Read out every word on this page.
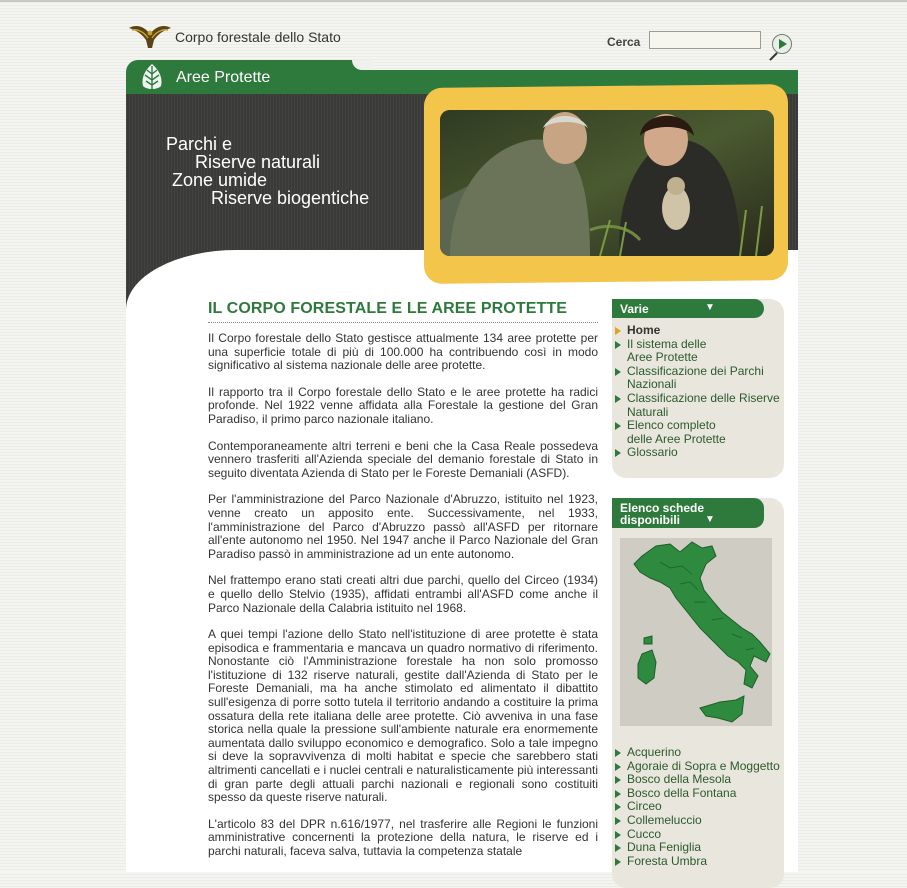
Corpo forestale dello Stato	Cerca
Aree Protette
Parchi e
Riserve naturali
Zone umide
Riserve biogentiche
IL CORPO FORESTALE E LE AREE PROTETTE

Il Corpo forestale dello Stato gestisce attualmente 134 aree protette per una superficie totale di più di 100.000 ha contribuendo così in modo significativo al sistema nazionale delle aree protette.

Il rapporto tra il Corpo forestale dello Stato e le aree protette ha radici profonde. Nel 1922 venne affidata alla Forestale la gestione del Gran Paradiso, il primo parco nazionale italiano.

Contemporaneamente altri terreni e beni che la Casa Reale possedeva vennero trasferiti all'Azienda speciale del demanio forestale di Stato in seguito diventata Azienda di Stato per le Foreste Demaniali (ASFD).

Per l'amministrazione del Parco Nazionale d'Abruzzo, istituito nel 1923, venne creato un apposito ente. Successivamente, nel 1933, l'amministrazione del Parco d'Abruzzo passò all'ASFD per ritornare all'ente autonomo nel 1950. Nel 1947 anche il Parco Nazionale del Gran Paradiso passò in amministrazione ad un ente autonomo.

Nel frattempo erano stati creati altri due parchi, quello del Circeo (1934) e quello dello Stelvio (1935), affidati entrambi all'ASFD come anche il Parco Nazionale della Calabria istituito nel 1968.

A quei tempi l'azione dello Stato nell'istituzione di aree protette è stata episodica e frammentaria e mancava un quadro normativo di riferimento. Nonostante ciò l'Amministrazione forestale ha non solo promosso l'istituzione di 132 riserve naturali, gestite dall'Azienda di Stato per le Foreste Demaniali, ma ha anche stimolato ed alimentato il dibattito sull'esigenza di porre sotto tutela il territorio andando a costituire la prima ossatura della rete italiana delle aree protette. Ciò avveniva in una fase storica nella quale la pressione sull'ambiente naturale era enormemente aumentata dallo sviluppo economico e demografico. Solo a tale impegno si deve la sopravvivenza di molti habitat e specie che sarebbero stati altrimenti cancellati e i nuclei centrali e naturalisticamente più interessanti di gran parte degli attuali parchi nazionali e regionali sono costituiti spesso da queste riserve naturali.

L'articolo 83 del DPR n.616/1977, nel trasferire alle Regioni le funzioni amministrative concernenti la protezione della natura, le riserve ed i parchi naturali, faceva salva, tuttavia la competenza statale

Varie	▼
Home
Il sistema delle
Aree Protette
Classificazione dei Parchi
Nazionali
Classificazione delle Riserve
Naturali
Elenco completo
delle Aree Protette
Glossario
Elenco schede
disponibili	▼
Acquerino
Agoraie di Sopra e Moggetto
Bosco della Mesola
Bosco della Fontana
Circeo
Collemeluccio
Cucco
Duna Feniglia
Foresta Umbra
